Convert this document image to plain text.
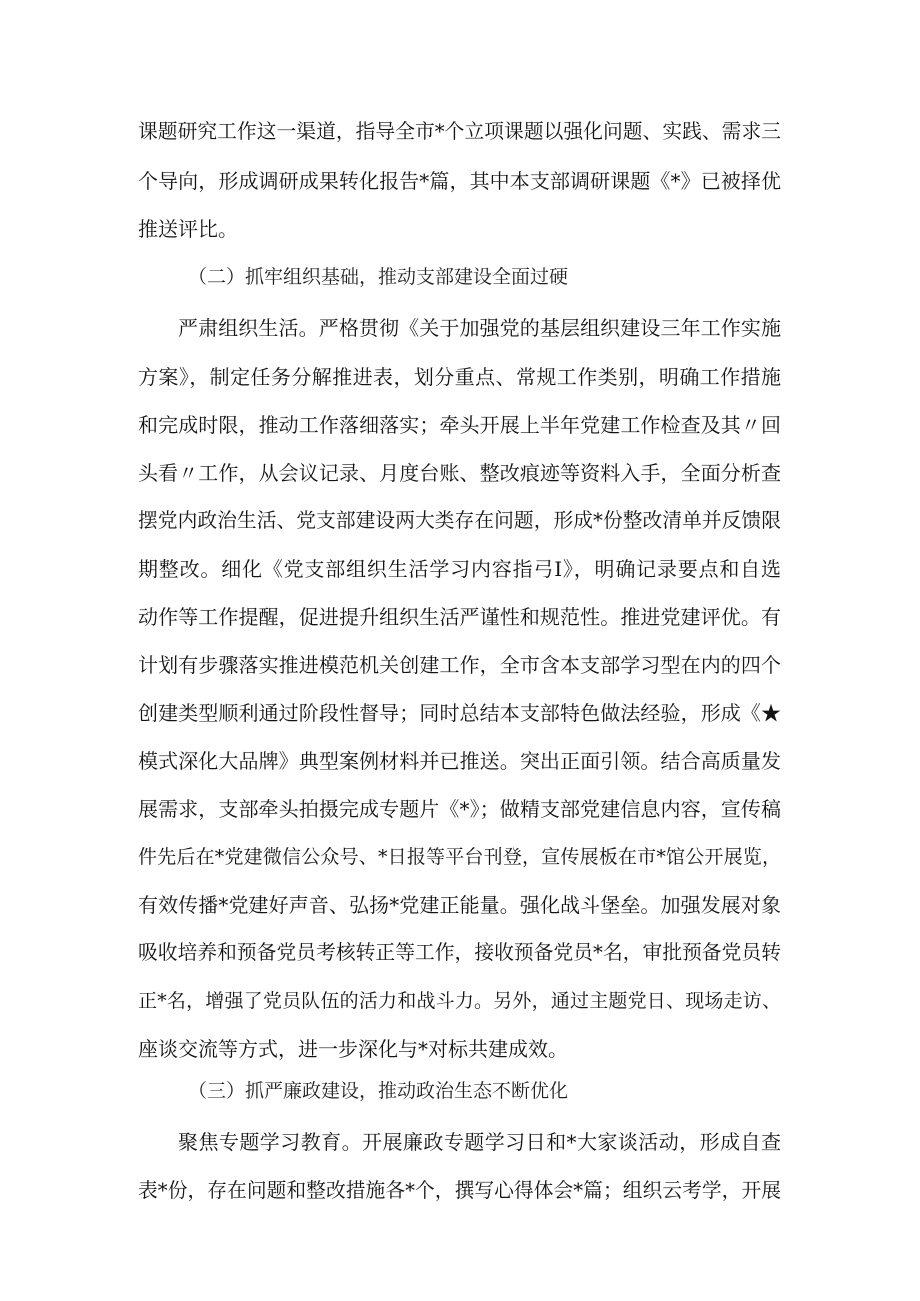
课题研究工作这一渠道，指导全市*个立项课题以强化问题、实践、需求三
个导向，形成调研成果转化报告*篇，其中本支部调研课题《*》已被择优
推送评比。
（二）抓牢组织基础，推动支部建设全面过硬
严肃组织生活。严格贯彻《关于加强党的基层组织建设三年工作实施
方案》，制定任务分解推进表，划分重点、常规工作类别，明确工作措施
和完成时限，推动工作落细落实；牵头开展上半年党建工作检查及其〃回
头看〃工作，从会议记录、月度台账、整改痕迹等资料入手，全面分析查
摆党内政治生活、党支部建设两大类存在问题，形成*份整改清单并反馈限
期整改。细化《党支部组织生活学习内容指弓I》，明确记录要点和自选
动作等工作提醒，促进提升组织生活严谨性和规范性。推进党建评优。有
计划有步骤落实推进模范机关创建工作，全市含本支部学习型在内的四个
创建类型顺利通过阶段性督导；同时总结本支部特色做法经验，形成《★
模式深化大品牌》典型案例材料并已推送。突出正面引领。结合高质量发
展需求，支部牵头拍摄完成专题片《*》；做精支部党建信息内容，宣传稿
件先后在*党建微信公众号、*日报等平台刊登，宣传展板在市*馆公开展览，
有效传播*党建好声音、弘扬*党建正能量。强化战斗堡垒。加强发展对象
吸收培养和预备党员考核转正等工作，接收预备党员*名，审批预备党员转
正*名，增强了党员队伍的活力和战斗力。另外，通过主题党日、现场走访、
座谈交流等方式，进一步深化与*对标共建成效。
（三）抓严廉政建设，推动政治生态不断优化
聚焦专题学习教育。开展廉政专题学习日和*大家谈活动，形成自查
表*份，存在问题和整改措施各*个，撰写心得体会*篇；组织云考学，开展
